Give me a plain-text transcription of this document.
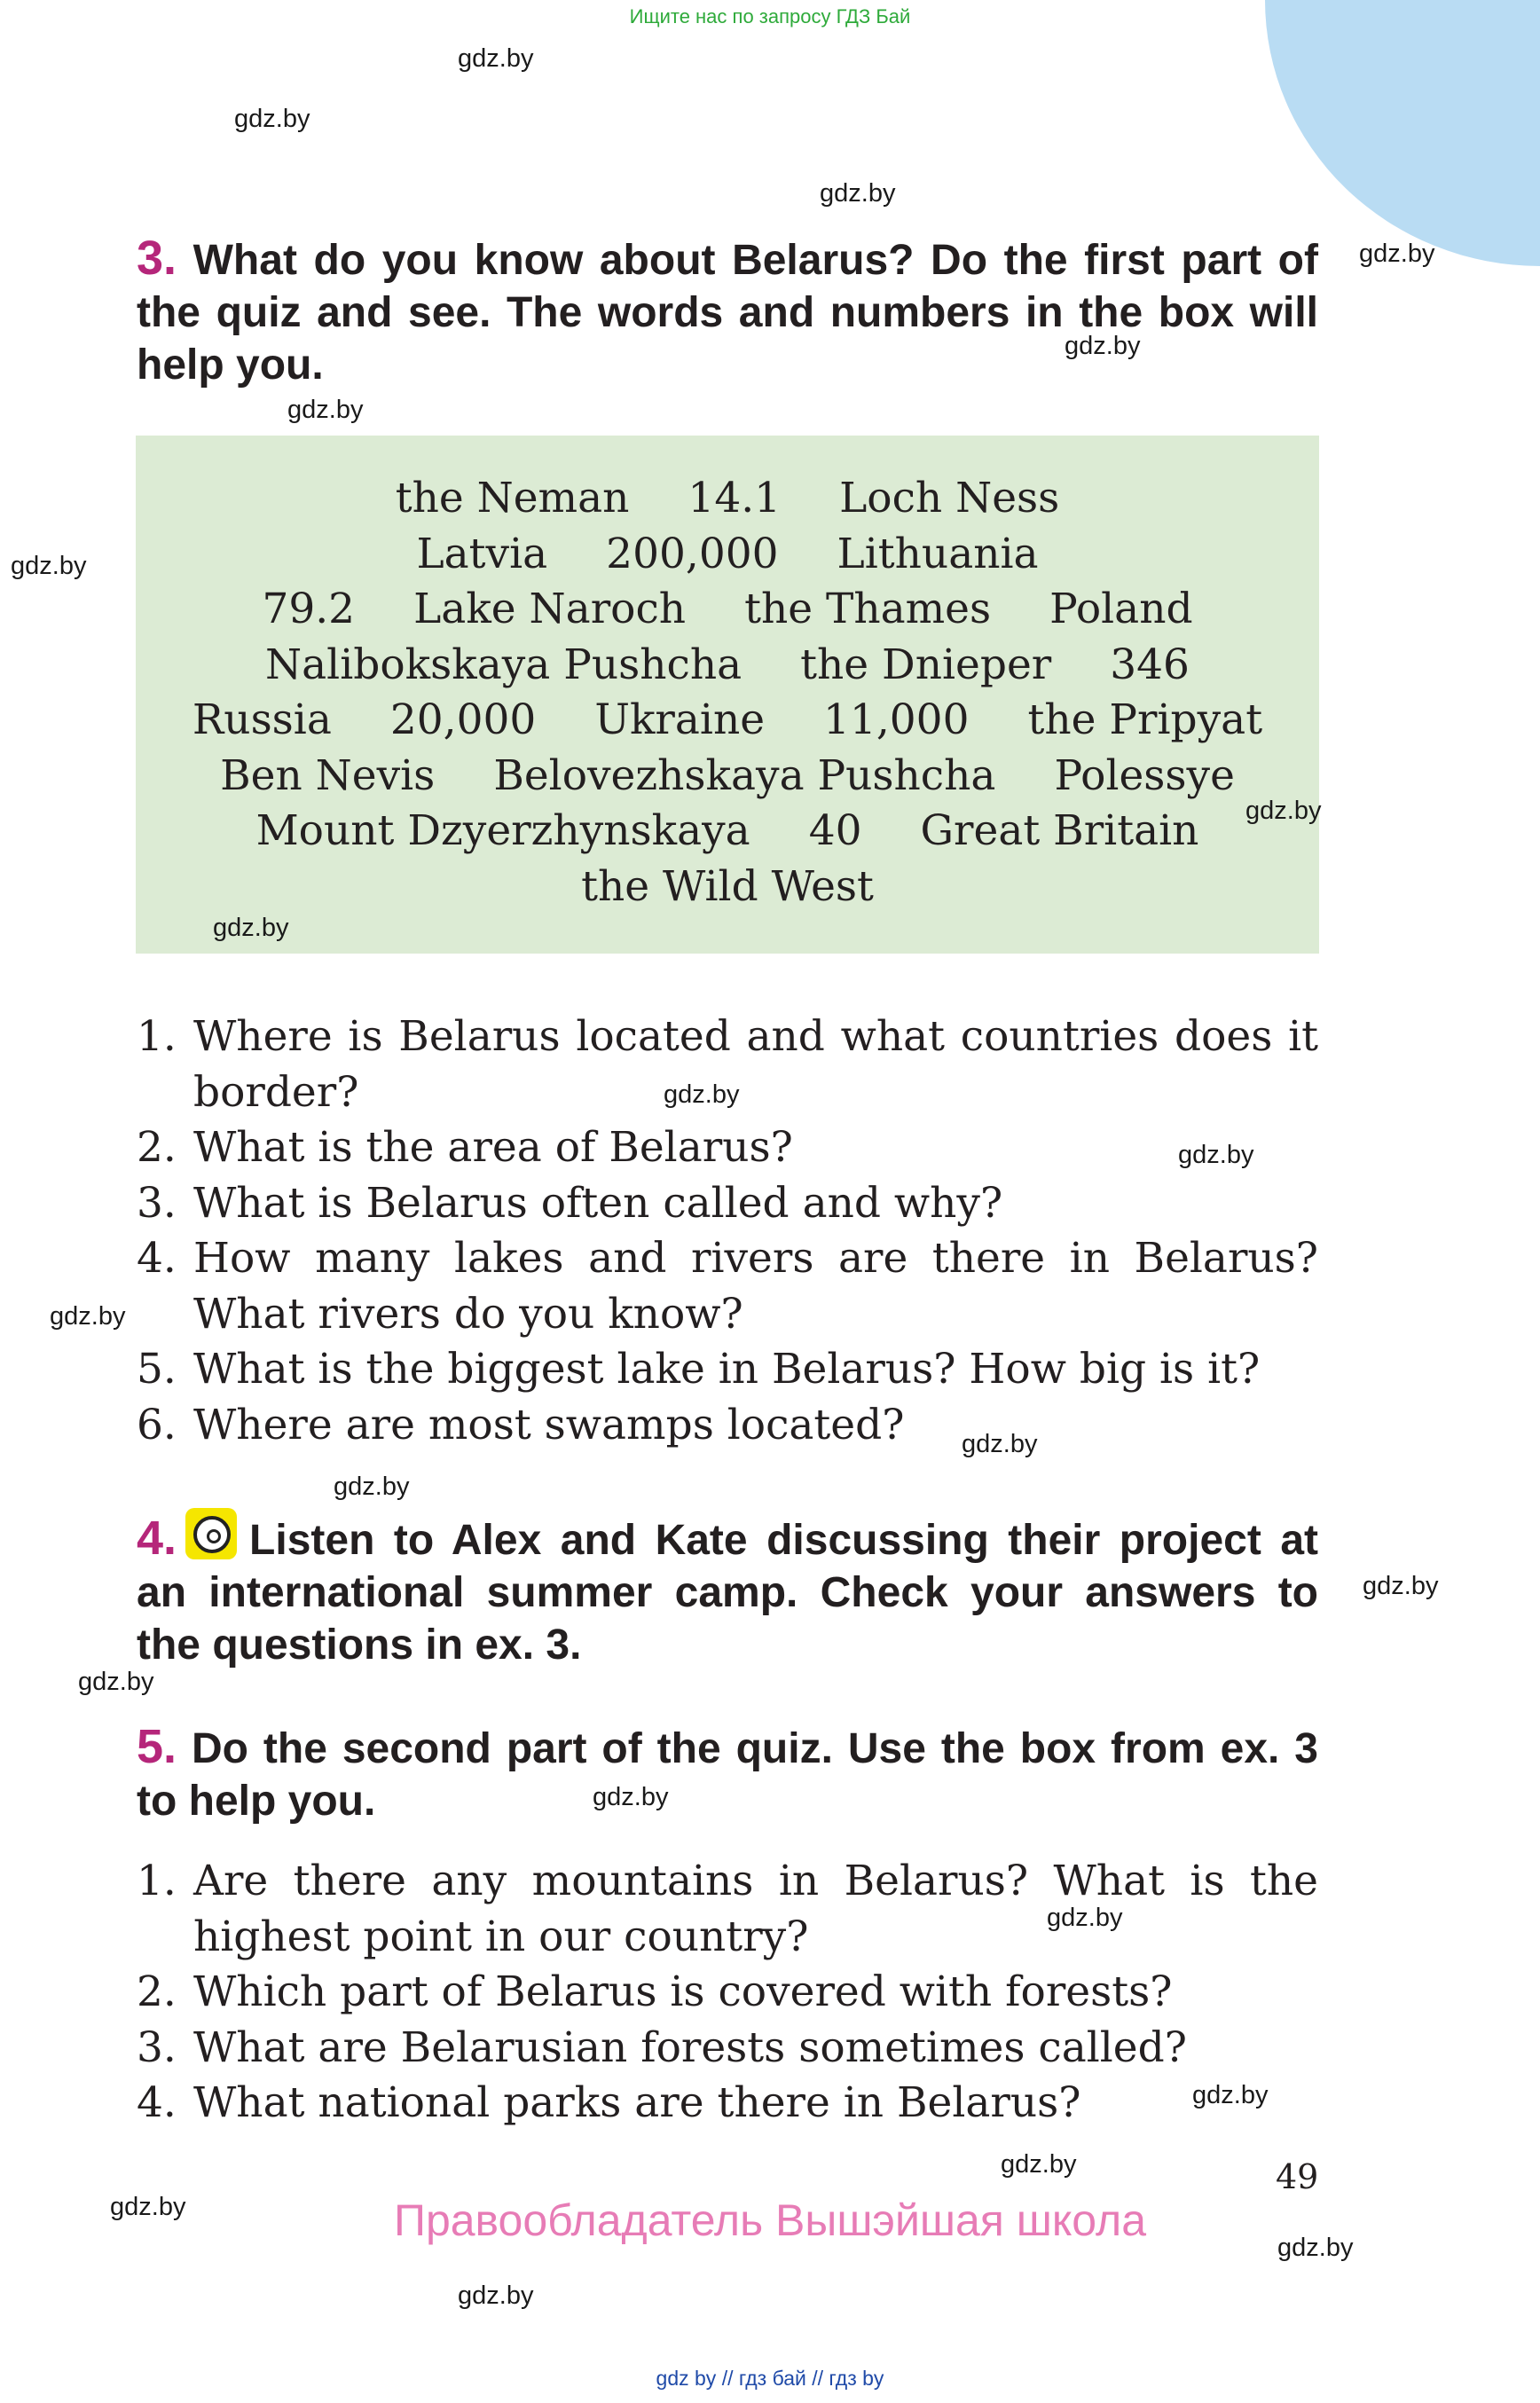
Ищите нас по запросу ГДЗ Бай
gdz.by
gdz.by
gdz.by
gdz.by
gdz.by
gdz.by
gdz.by
3. What do you know about Belarus? Do the first part of the quiz and see. The words and numbers in the box will help you.
the Neman 14.1 Loch Ness
Latvia 200,000 Lithuania
79.2 Lake Naroch the Thames Poland
Nalibokskaya Pushcha the Dnieper 346
Russia 20,000 Ukraine 11,000 the Pripyat
Ben Nevis Belovezhskaya Pushcha Polessye
Mount Dzyerzhynskaya 40 Great Britain
the Wild West
gdz.by
gdz.by
1. Where is Belarus located and what countries does it border?
2. What is the area of Belarus?
3. What is Belarus often called and why?
4. How many lakes and rivers are there in Belarus? What rivers do you know?
5. What is the biggest lake in Belarus? How big is it?
6. Where are most swamps located?
gdz.by
gdz.by
gdz.by
gdz.by
gdz.by
4. Listen to Alex and Kate discussing their project at an international summer camp. Check your answers to the questions in ex. 3.
gdz.by
gdz.by
5. Do the second part of the quiz. Use the box from ex. 3 to help you.	gdz.by
1. Are there any mountains in Belarus? What is the highest point in our country?
2. Which part of Belarus is covered with forests?
3. What are Belarusian forests sometimes called?
4. What national parks are there in Belarus?
gdz.by
gdz.by
gdz.by
gdz.by
gdz.by
gdz.by
49
Правообладатель Вышэйшая школа
gdz by // гдз бай // гдз by
